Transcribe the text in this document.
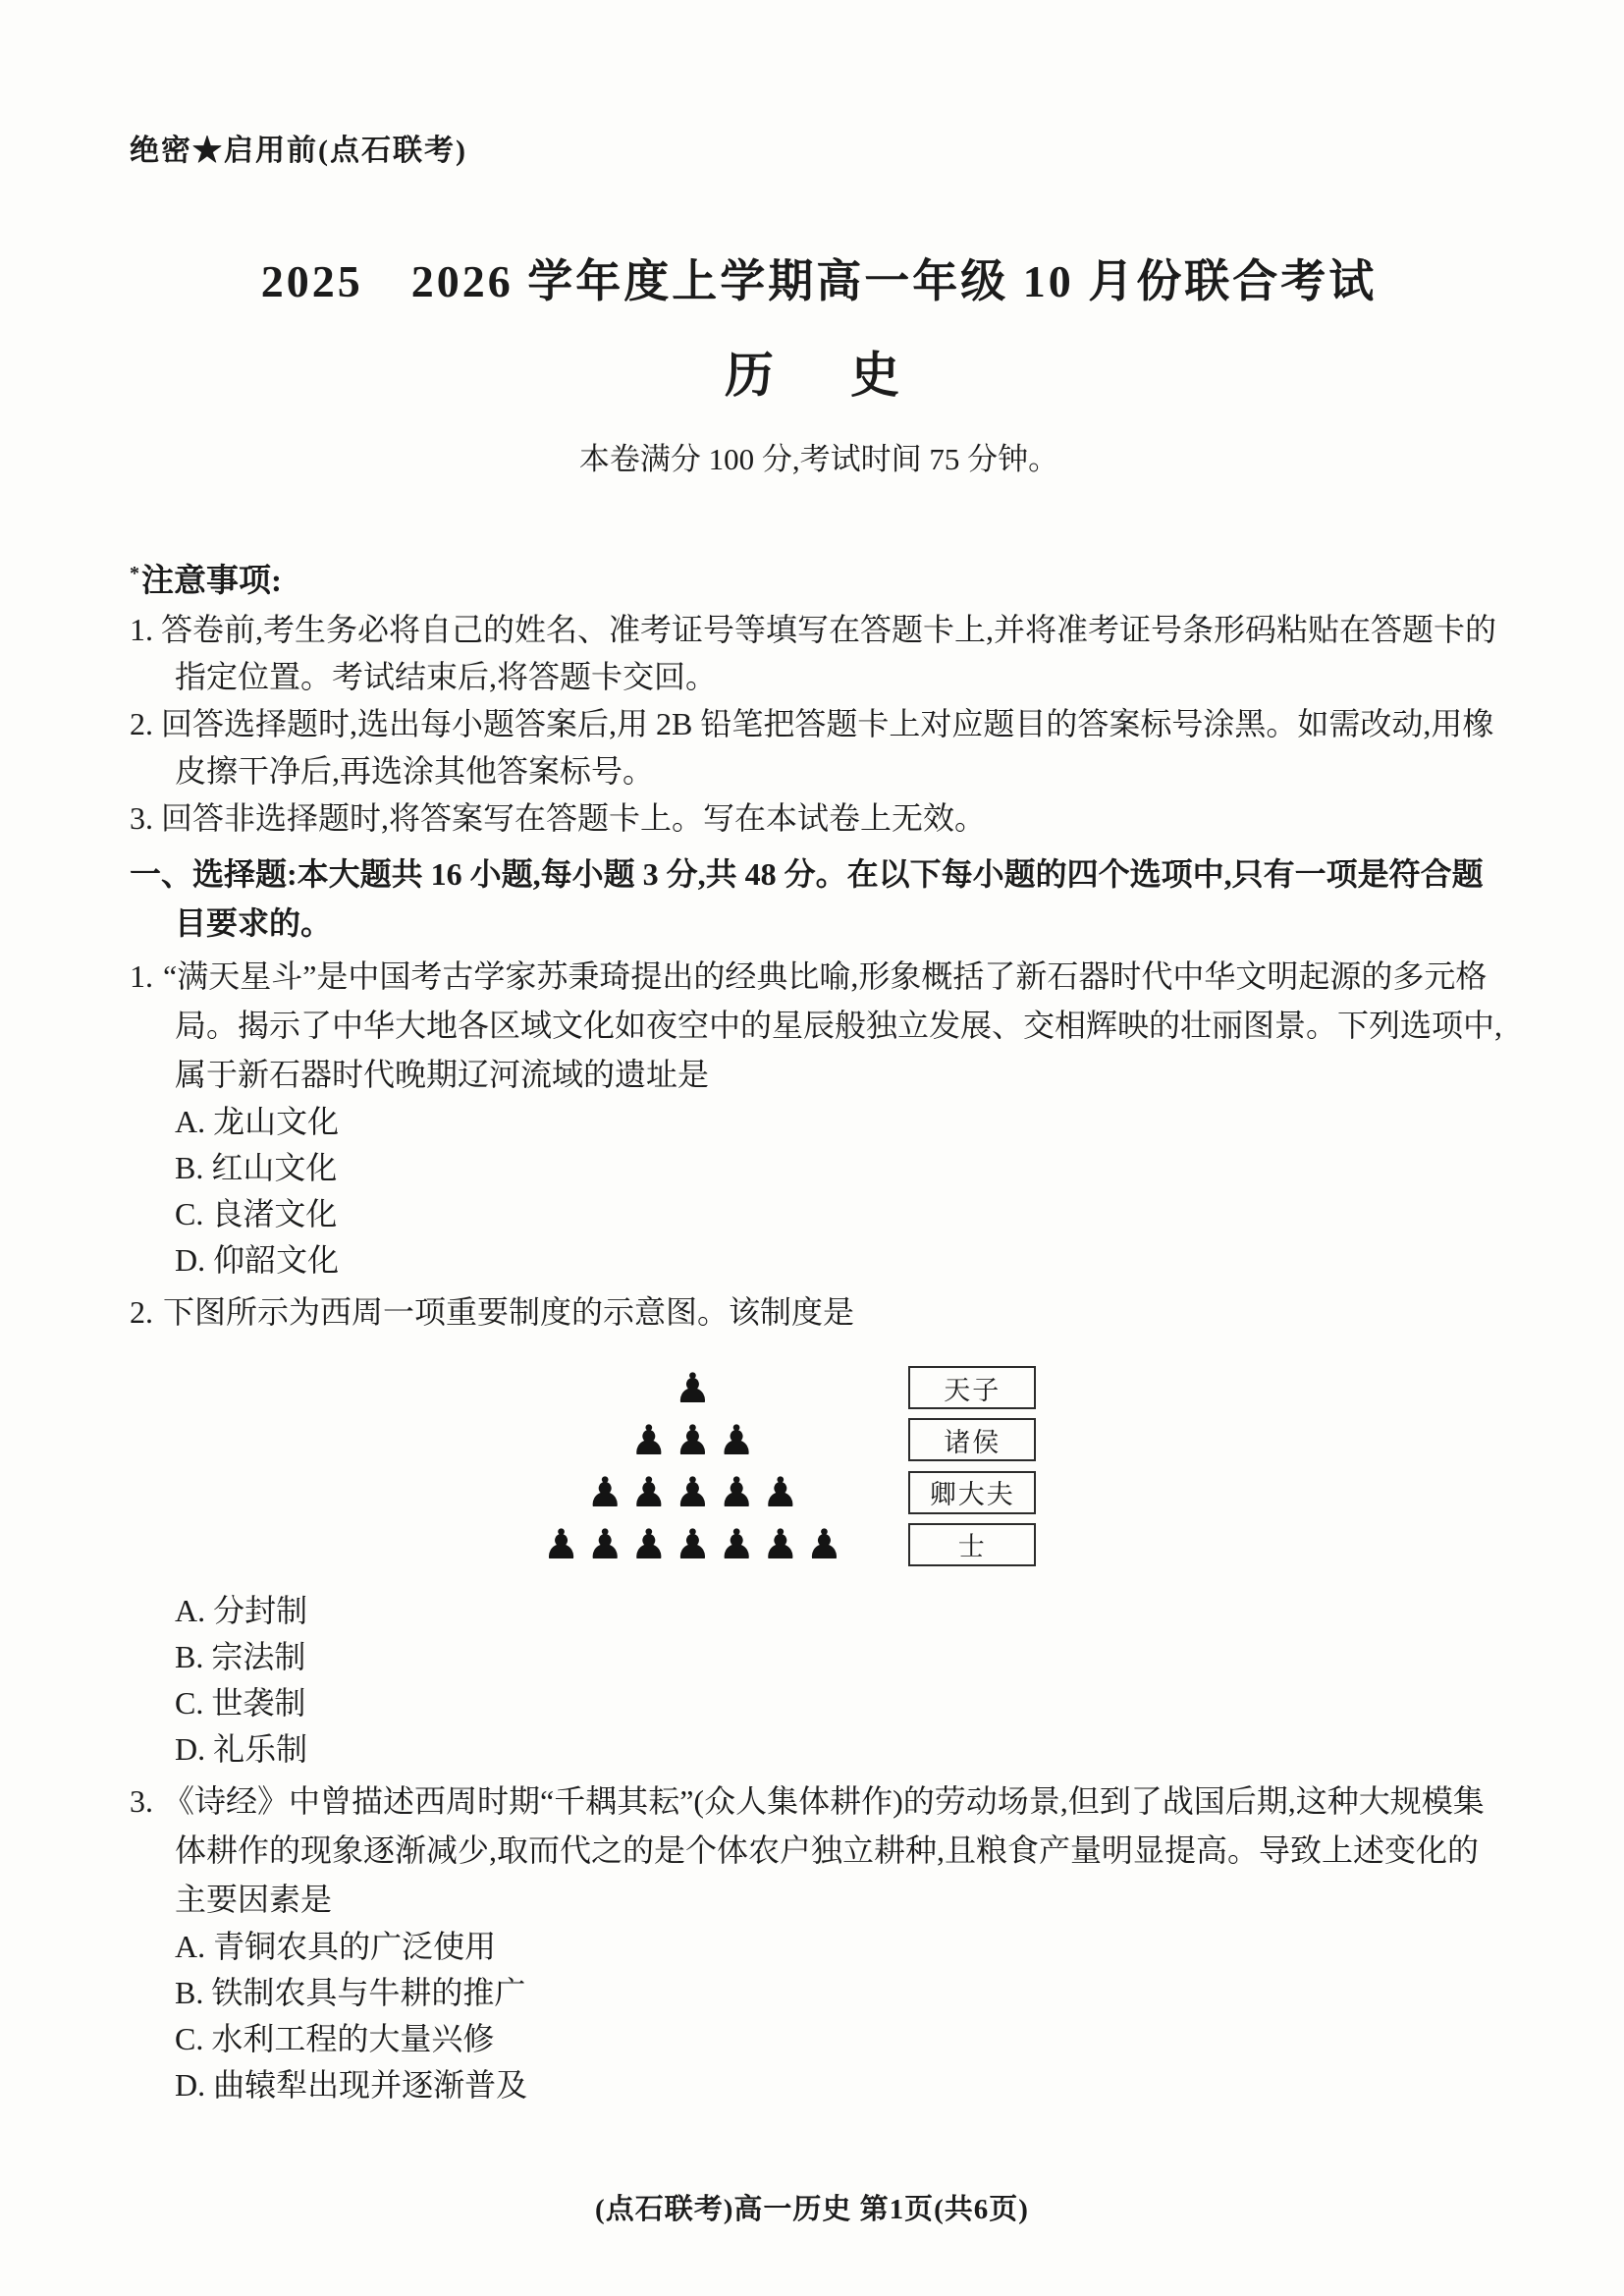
绝密★启用前(点石联考)
2025　2026 学年度上学期高一年级 10 月份联合考试
历　史
本卷满分 100 分,考试时间 75 分钟。
*注意事项:
1. 答卷前,考生务必将自己的姓名、准考证号等填写在答题卡上,并将准考证号条形码粘贴在答题卡的指定位置。考试结束后,将答题卡交回。
2. 回答选择题时,选出每小题答案后,用 2B 铅笔把答题卡上对应题目的答案标号涂黑。如需改动,用橡皮擦干净后,再选涂其他答案标号。
3. 回答非选择题时,将答案写在答题卡上。写在本试卷上无效。
一、选择题:本大题共 16 小题,每小题 3 分,共 48 分。在以下每小题的四个选项中,只有一项是符合题目要求的。
1. “满天星斗”是中国考古学家苏秉琦提出的经典比喻,形象概括了新石器时代中华文明起源的多元格局。揭示了中华大地各区域文化如夜空中的星辰般独立发展、交相辉映的壮丽图景。下列选项中,属于新石器时代晚期辽河流域的遗址是
A. 龙山文化
B. 红山文化
C. 良渚文化
D. 仰韶文化
2. 下图所示为西周一项重要制度的示意图。该制度是
♟
♟♟♟
♟♟♟♟♟
♟♟♟♟♟♟♟
天子
诸侯
卿大夫
士
A. 分封制
B. 宗法制
C. 世袭制
D. 礼乐制
3. 《诗经》中曾描述西周时期“千耦其耘”(众人集体耕作)的劳动场景,但到了战国后期,这种大规模集体耕作的现象逐渐减少,取而代之的是个体农户独立耕种,且粮食产量明显提高。导致上述变化的主要因素是
A. 青铜农具的广泛使用
B. 铁制农具与牛耕的推广
C. 水利工程的大量兴修
D. 曲辕犁出现并逐渐普及
(点石联考)高一历史 第1页(共6页)
